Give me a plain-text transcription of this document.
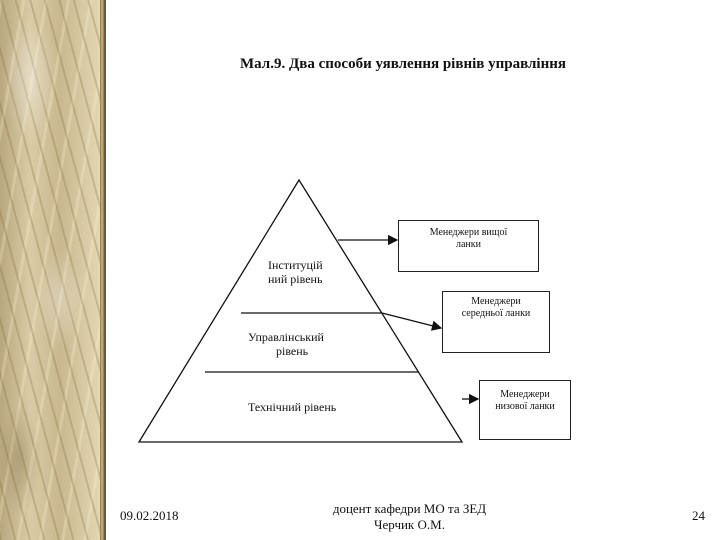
Мал.9. Два способи уявлення рівнів управління
Інституцій
ний рівень
Управлінський
рівень
Технічний рівень
Менеджери вищої
ланки
Менеджери
середньої ланки
Менеджери
низової ланки
09.02.2018	доцент кафедри МО та ЗЕД
Черчик О.М.
24
